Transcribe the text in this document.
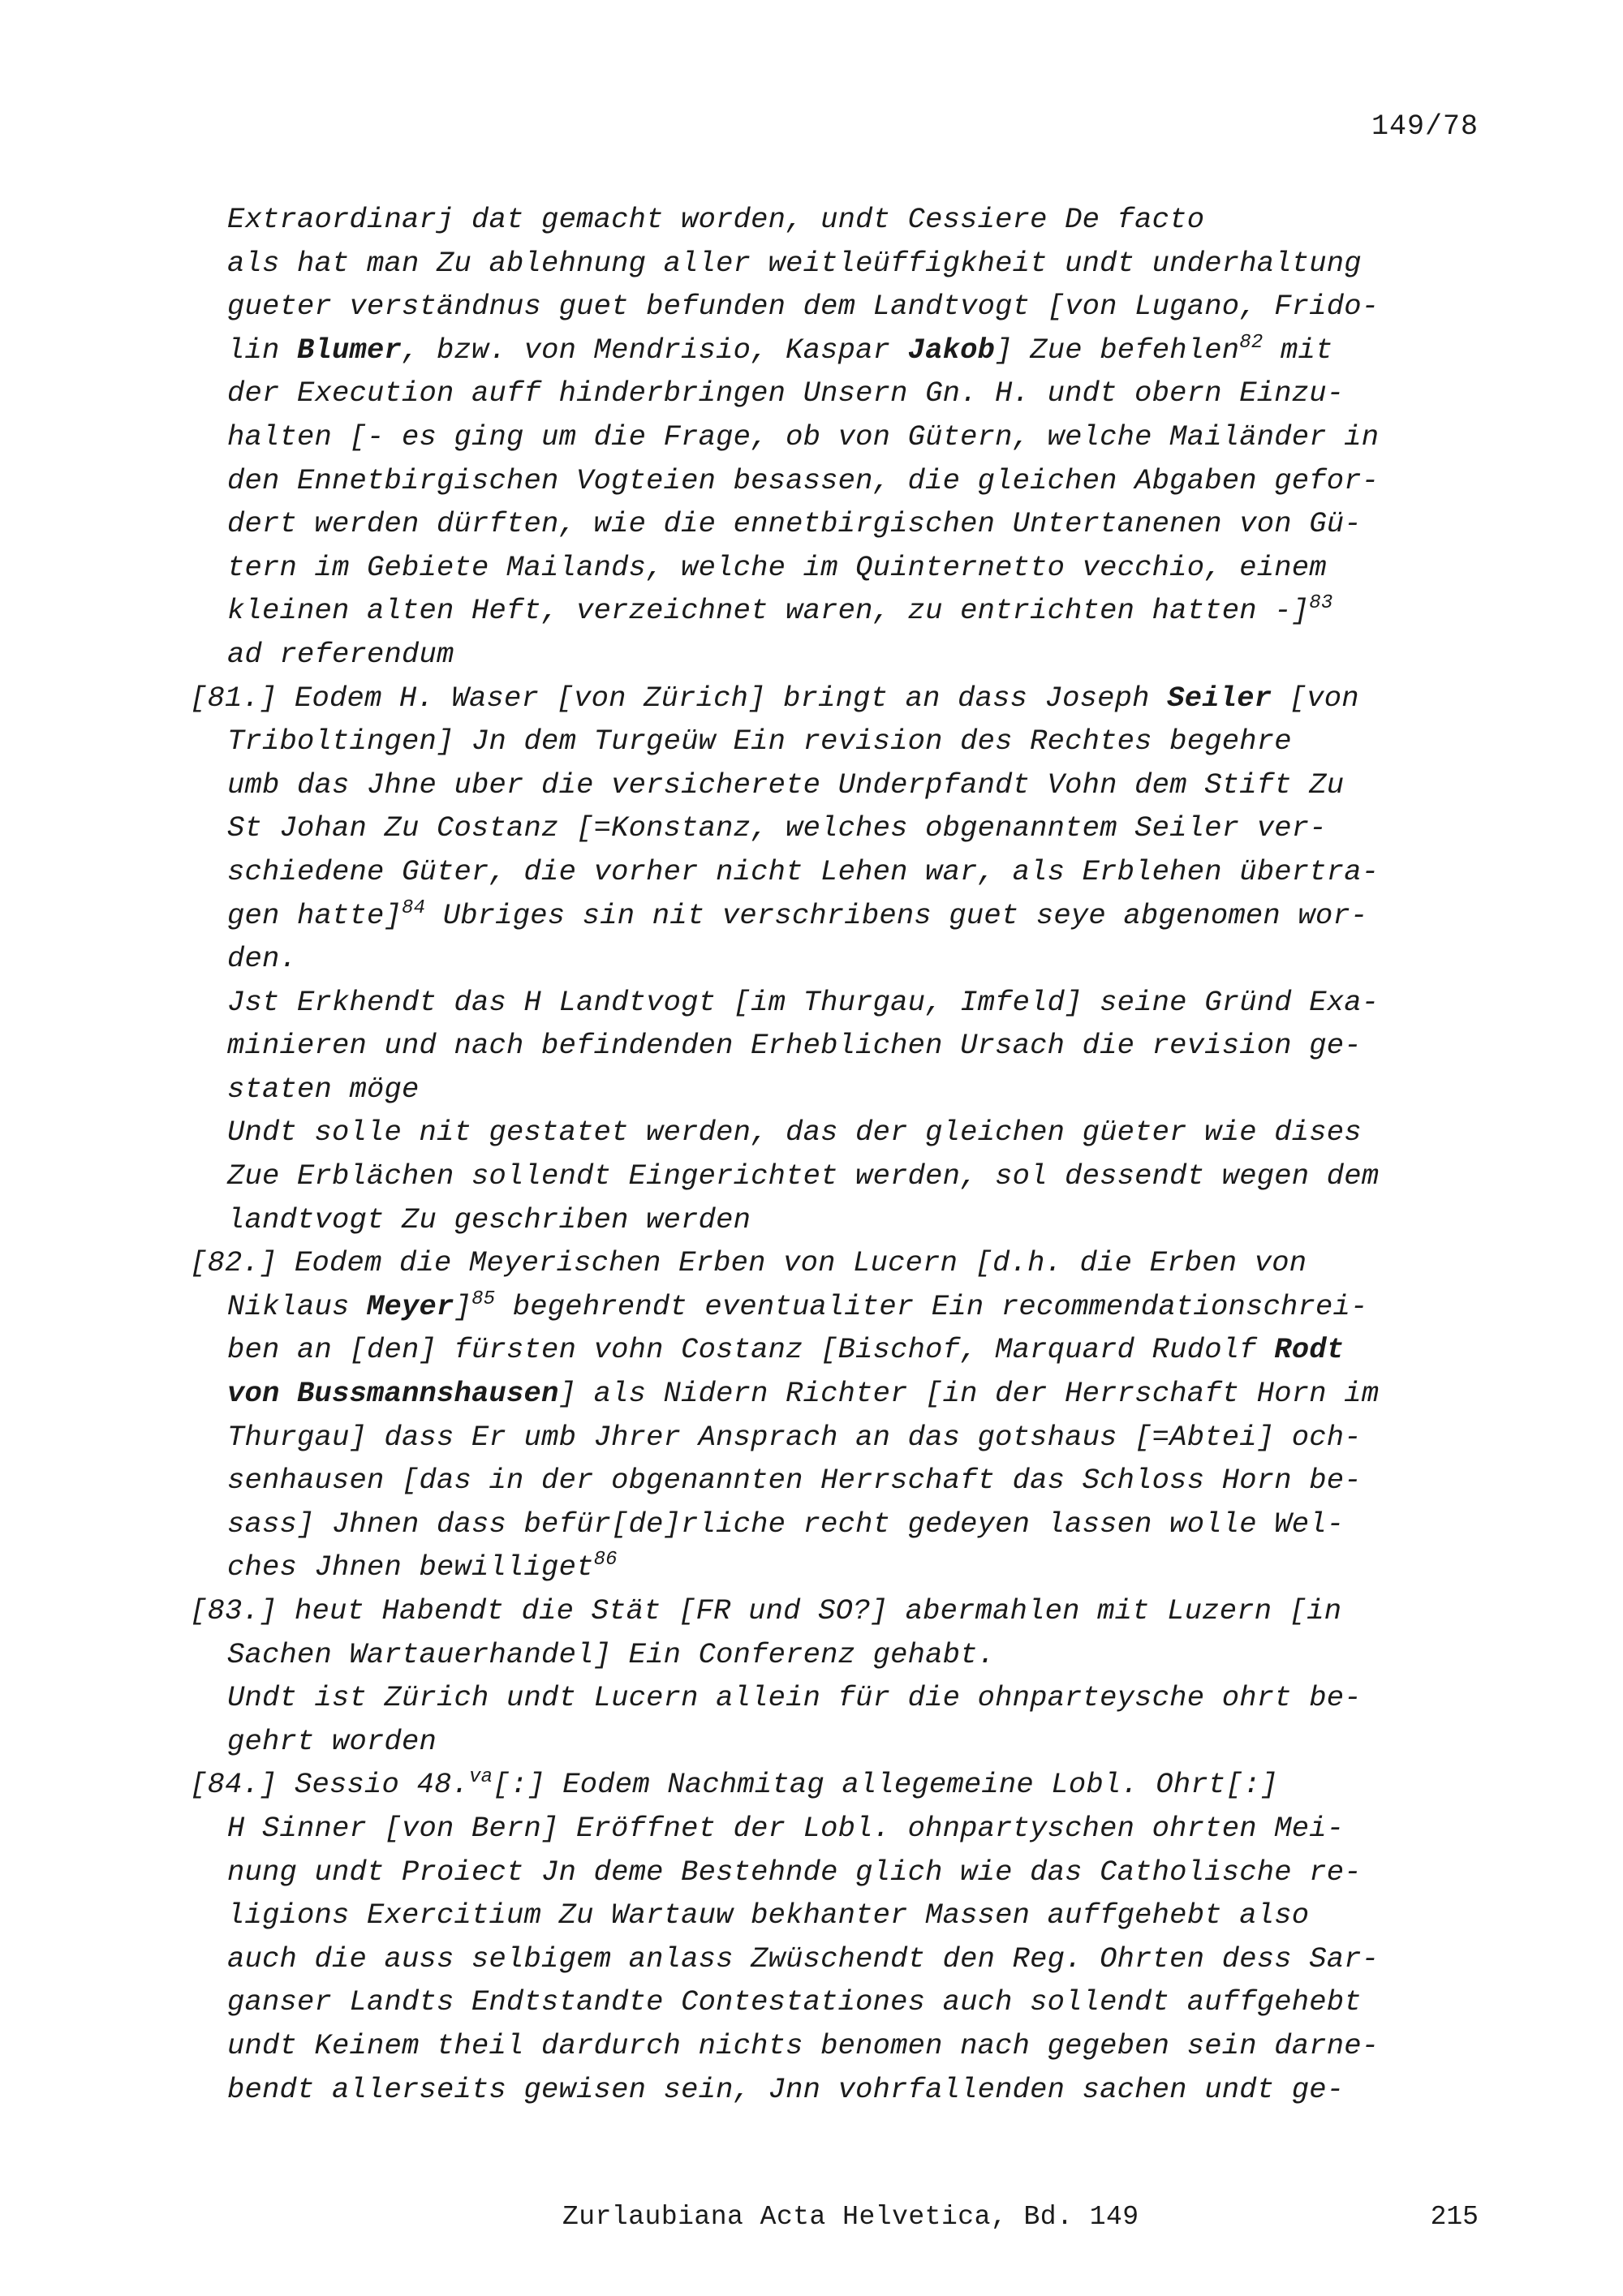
149/78
Extraordinarj dat gemacht worden, undt Cessiere De facto
als hat man Zu ablehnung aller weitleüffigkheit undt underhaltung
gueter verständnus guet befunden dem Landtvogt [von Lugano, Frido-
lin Blumer, bzw. von Mendrisio, Kaspar Jakob] Zue befehlen$^{82}$ mit
der Execution auff hinderbringen Unsern Gn. H. undt obern Einzu-
halten [- es ging um die Frage, ob von Gütern, welche Mailänder in
den Ennetbirgischen Vogteien besassen, die gleichen Abgaben gefor-
dert werden dürften, wie die ennetbirgischen Untertanenen von Gü-
tern im Gebiete Mailands, welche im Quinternetto vecchio, einem
kleinen alten Heft, verzeichnet waren, zu entrichten hatten -]$^{83}$
ad referendum
[81.] Eodem H. Waser [von Zürich] bringt an dass Joseph Seiler [von
Triboltingen] Jn dem Turgeüw Ein revision des Rechtes begehre
umb das Jhne uber die versicherete Underpfandt Vohn dem Stift Zu
St Johan Zu Costanz [=Konstanz, welches obgenanntem Seiler ver-
schiedene Güter, die vorher nicht Lehen war, als Erblehen übertra-
gen hatte]$^{84}$ Ubriges sin nit verschribens guet seye abgenomen wor-
den.
Jst Erkhendt das H Landtvogt [im Thurgau, Imfeld] seine Gründ Exa-
minieren und nach befindenden Erheblichen Ursach die revision ge-
staten möge
Undt solle nit gestatet werden, das der gleichen güeter wie dises
Zue Erblächen sollendt Eingerichtet werden, sol dessendt wegen dem
landtvogt Zu geschriben werden
[82.] Eodem die Meyerischen Erben von Lucern [d.h. die Erben von
Niklaus Meyer]$^{85}$ begehrendt eventualiter Ein recommendationschrei-
ben an [den] fürsten vohn Costanz [Bischof, Marquard Rudolf Rodt
von Bussmannshausen] als Nidern Richter [in der Herrschaft Horn im
Thurgau] dass Er umb Jhrer Ansprach an das gotshaus [=Abtei] och-
senhausen [das in der obgenannten Herrschaft das Schloss Horn be-
sass] Jhnen dass befür[de]rliche recht gedeyen lassen wolle Wel-
ches Jhnen bewilliget$^{86}$
[83.] heut Habendt die Stät [FR und SO?] abermahlen mit Luzern [in
Sachen Wartauerhandel] Ein Conferenz gehabt.
Undt ist Zürich undt Lucern allein für die ohnparteysche ohrt be-
gehrt worden
[84.] Sessio 48.$^{va}$[:] Eodem Nachmitag allegemeine Lobl. Ohrt[:]
H Sinner [von Bern] Eröffnet der Lobl. ohnpartyschen ohrten Mei-
nung undt Proiect Jn deme Bestehnde glich wie das Catholische re-
ligions Exercitium Zu Wartauw bekhanter Massen auffgehebt also
auch die auss selbigem anlass Zwüschendt den Reg. Ohrten dess Sar-
ganser Landts Endtstandte Contestationes auch sollendt auffgehebt
undt Keinem theil dardurch nichts benomen nach gegeben sein darne-
bendt allerseits gewisen sein, Jnn vohrfallenden sachen undt ge-
Zurlaubiana Acta Helvetica, Bd. 149	215
